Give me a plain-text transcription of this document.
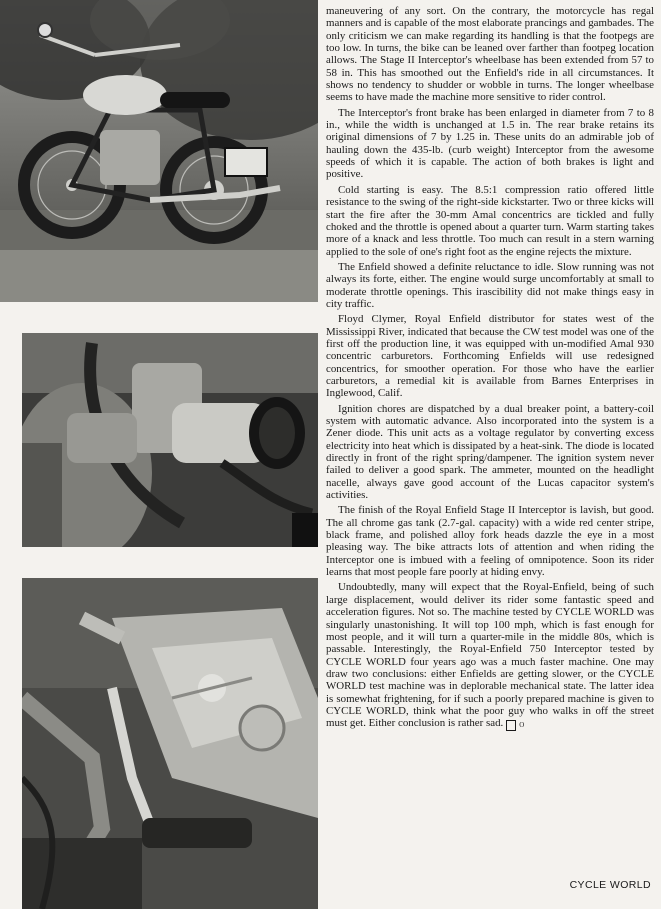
maneuvering of any sort. On the contrary, the motorcycle has regal manners and is capable of the most elaborate prancings and gambades. The only criticism we can make regarding its handling is that the footpegs are too low. In turns, the bike can be leaned over farther than footpeg location allows. The Stage II Interceptor's wheelbase has been extended from 57 to 58 in. This has smoothed out the Enfield's ride in all circumstances. It shows no tendency to shudder or wobble in turns. The longer wheelbase seems to have made the machine more sensitive to rider control.

The Interceptor's front brake has been enlarged in diameter from 7 to 8 in., while the width is unchanged at 1.5 in. The rear brake retains its original dimensions of 7 by 1.25 in. These units do an admirable job of hauling down the 435-lb. (curb weight) Interceptor from the awesome speeds of which it is capable. The action of both brakes is light and positive.

Cold starting is easy. The 8.5:1 compression ratio offered little resistance to the swing of the right-side kickstarter. Two or three kicks will start the fire after the 30-mm Amal concentrics are tickled and fully choked and the throttle is opened about a quarter turn. Warm starting takes more of a knack and less throttle. Too much can result in a stern warning applied to the sole of one's right foot as the engine rejects the mixture.

The Enfield showed a definite reluctance to idle. Slow running was not always its forte, either. The engine would surge uncomfortably at small to moderate throttle openings. This irascibility did not make things easy in city traffic.

Floyd Clymer, Royal Enfield distributor for states west of the Mississippi River, indicated that because the CW test model was one of the first off the production line, it was equipped with un-modified Amal 930 concentric carburetors. Forthcoming Enfields will use redesigned concentrics, for smoother operation. For those who have the earlier carburetors, a remedial kit is available from Barnes Enterprises in Inglewood, Calif.

Ignition chores are dispatched by a dual breaker point, a battery-coil system with automatic advance. Also incorporated into the system is a Zener diode. This unit acts as a voltage regulator by converting excess electricity into heat which is dissipated by a heat-sink. The diode is located directly in front of the right spring/dampener. The ignition system never failed to deliver a good spark. The ammeter, mounted on the headlight nacelle, always gave good account of the Lucas capacitor system's activities.

The finish of the Royal Enfield Stage II Interceptor is lavish, but good. The all chrome gas tank (2.7-gal. capacity) with a wide red center stripe, black frame, and polished alloy fork heads dazzle the eye in a most pleasing way. The bike attracts lots of attention and when riding the Interceptor one is imbued with a feeling of omnipotence. Soon its rider learns that most people fare poorly at hiding envy.

Undoubtedly, many will expect that the Royal-Enfield, being of such large displacement, would deliver its rider some fantastic speed and acceleration figures. Not so. The machine tested by CYCLE WORLD was singularly unastonishing. It will top 100 mph, which is fast enough for most people, and it will turn a quarter-mile in the middle 80s, which is passable. Interestingly, the Royal-Enfield 750 Interceptor tested by CYCLE WORLD four years ago was a much faster machine. One may draw two conclusions: either Enfields are getting slower, or the CYCLE WORLD test machine was in deplorable mechanical state. The latter idea is somewhat frightening, for if such a poorly prepared machine is given to CYCLE WORLD, think what the poor guy who walks in off the street must get. Either conclusion is rather sad. O

CYCLE WORLD
